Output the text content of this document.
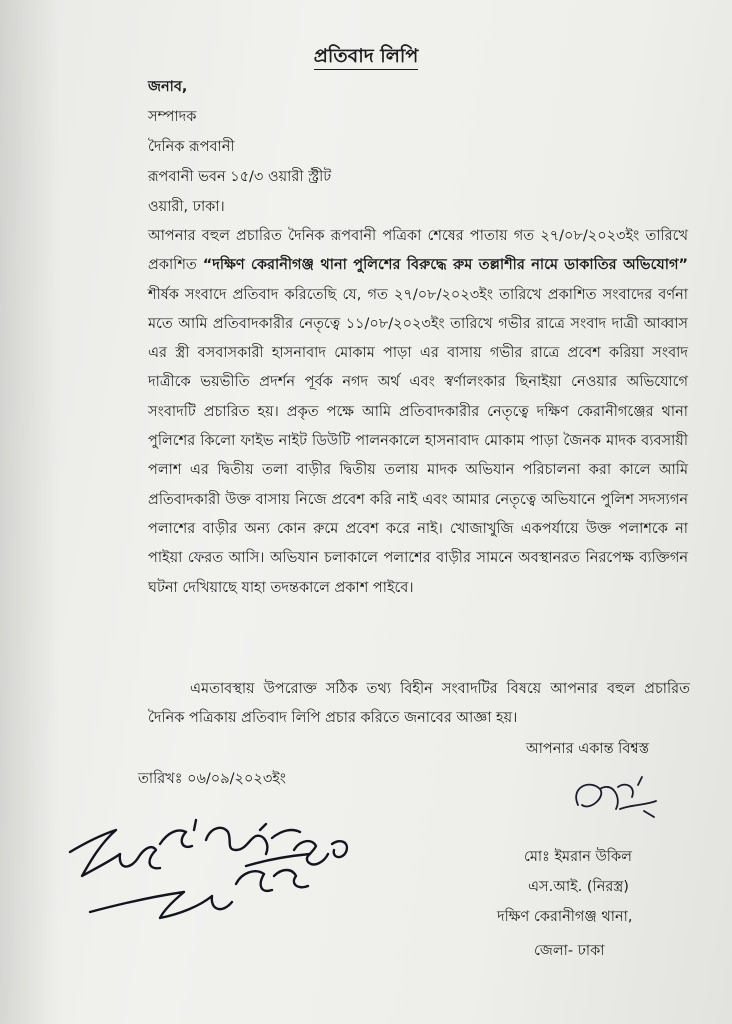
প্রতিবাদ লিপি
জনাব,
সম্পাদক
দৈনিক রূপবানী
রূপবানী ভবন ১৫/৩ ওয়ারী স্ট্রীট
ওয়ারী, ঢাকা।
আপনার বহুল প্রচারিত দৈনিক রূপবানী পত্রিকা শেষের পাতায় গত ২৭/০৮/২০২৩ইং তারিখে প্রকাশিত “দক্ষিণ কেরানীগঞ্জ থানা পুলিশের বিরুদ্ধে রুম তল্লাশীর নামে ডাকাতির অভিযোগ” শীর্ষক সংবাদে প্রতিবাদ করিতেছি যে, গত ২৭/০৮/২০২৩ইং তারিখে প্রকাশিত সংবাদের বর্ণনা মতে আমি প্রতিবাদকারীর নেতৃত্বে ১১/০৮/২০২৩ইং তারিখে গভীর রাত্রে সংবাদ দাত্রী আব্বাস এর স্ত্রী বসবাসকারী হাসনাবাদ মোকাম পাড়া এর বাসায় গভীর রাত্রে প্রবেশ করিয়া সংবাদ দাত্রীকে ভয়ভীতি প্রদর্শন পূর্বক নগদ অর্থ এবং স্বর্ণালংকার ছিনাইয়া নেওয়ার অভিযোগে সংবাদটি প্রচারিত হয়। প্রকৃত পক্ষে আমি প্রতিবাদকারীর নেতৃত্বে দক্ষিণ কেরানীগঞ্জের থানা পুলিশের কিলো ফাইভ নাইট ডিউটি পালনকালে হাসনাবাদ মোকাম পাড়া জৈনক মাদক ব্যবসায়ী পলাশ এর দ্বিতীয় তলা বাড়ীর দ্বিতীয় তলায় মাদক অভিযান পরিচালনা করা কালে আমি প্রতিবাদকারী উক্ত বাসায় নিজে প্রবেশ করি নাই এবং আমার নেতৃত্বে অভিযানে পুলিশ সদস্যগন পলাশের বাড়ীর অন্য কোন রুমে প্রবেশ করে নাই। খোজাখুজি একপর্যায়ে উক্ত পলাশকে না পাইয়া ফেরত আসি। অভিযান চলাকালে পলাশের বাড়ীর সামনে অবস্থানরত নিরপেক্ষ ব্যক্তিগন ঘটনা দেখিয়াছে যাহা তদন্তকালে প্রকাশ পাইবে।
এমতাবস্থায় উপরোক্ত সঠিক তথ্য বিহীন সংবাদটির বিষয়ে আপনার বহুল প্রচারিত দৈনিক পত্রিকায় প্রতিবাদ লিপি প্রচার করিতে জনাবের আজ্ঞা হয়।
আপনার একান্ত বিশ্বস্ত
তারিখঃ ০৬/০৯/২০২৩ইং
মোঃ ইমরান উকিল
এস.আই. (নিরস্ত্র)
দক্ষিণ কেরানীগঞ্জ থানা,
জেলা- ঢাকা
